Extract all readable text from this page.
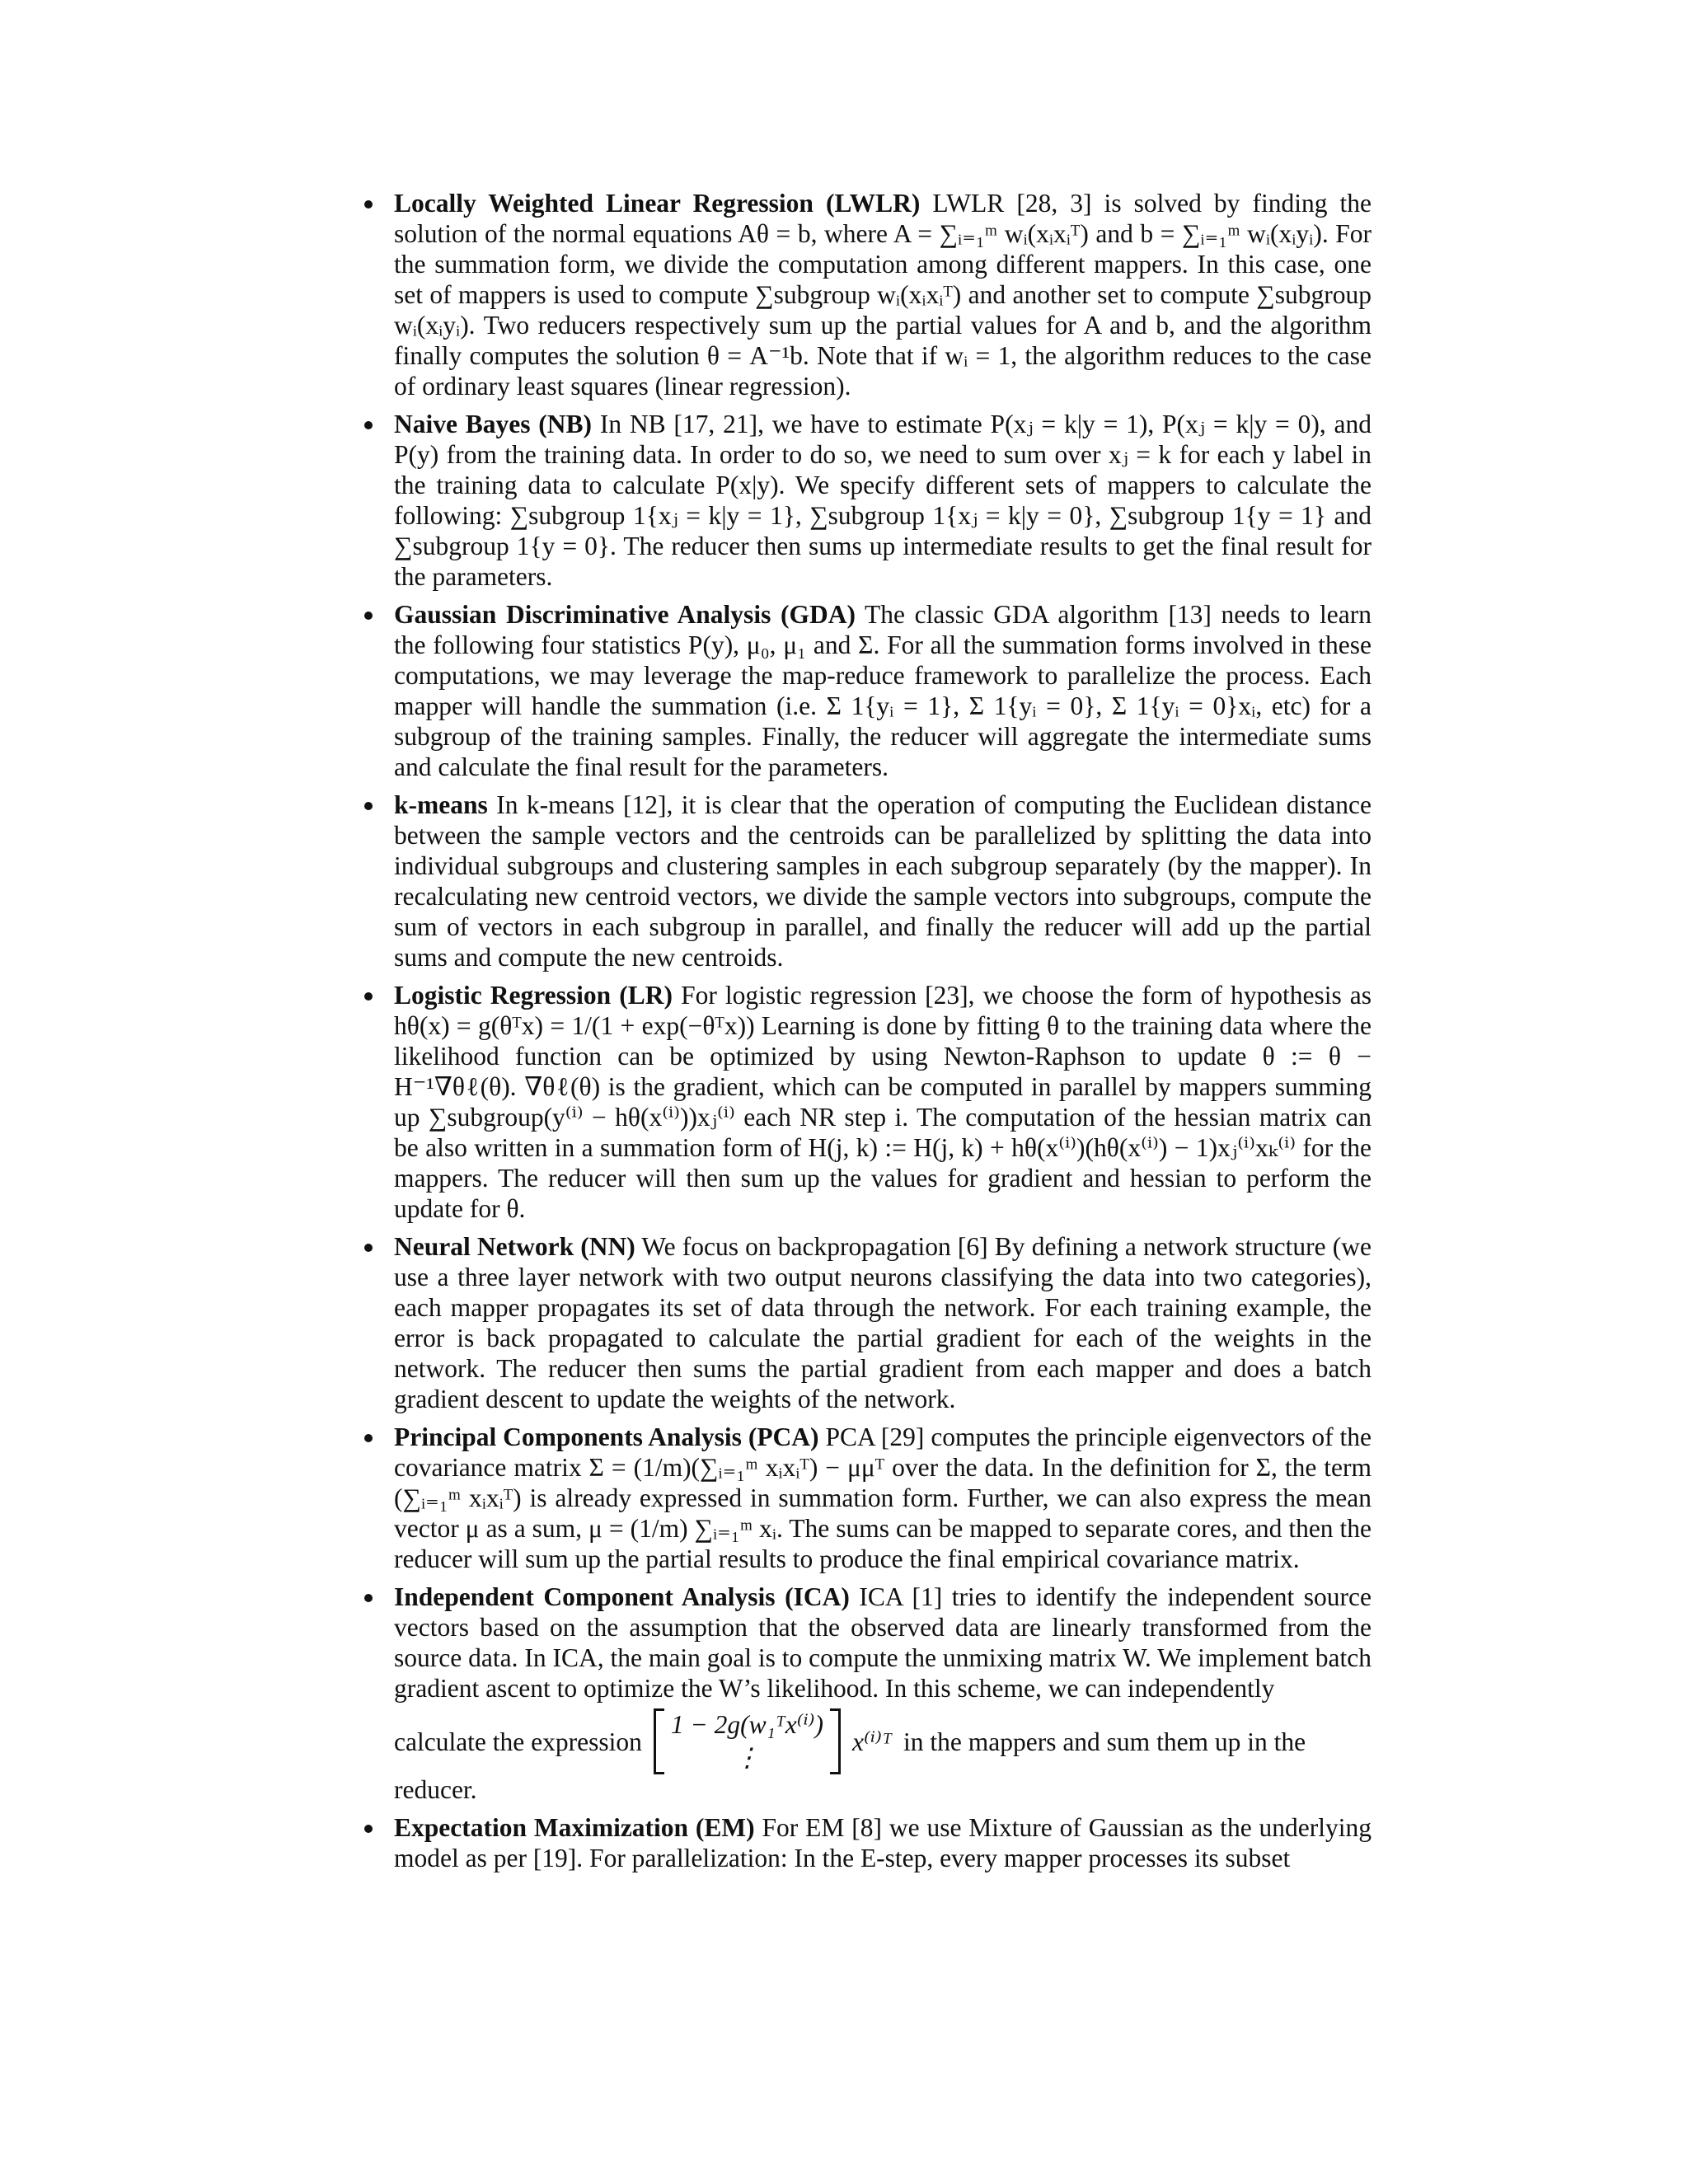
Locally Weighted Linear Regression (LWLR) LWLR [28, 3] is solved by finding the solution of the normal equations Aθ = b, where A = ∑ᵢ₌₁ᵐ wᵢ(xᵢxᵢᵀ) and b = ∑ᵢ₌₁ᵐ wᵢ(xᵢyᵢ). For the summation form, we divide the computation among different mappers. In this case, one set of mappers is used to compute ∑subgroup wᵢ(xᵢxᵢᵀ) and another set to compute ∑subgroup wᵢ(xᵢyᵢ). Two reducers respectively sum up the partial values for A and b, and the algorithm finally computes the solution θ = A⁻¹b. Note that if wᵢ = 1, the algorithm reduces to the case of ordinary least squares (linear regression).
Naive Bayes (NB) In NB [17, 21], we have to estimate P(xⱼ = k|y = 1), P(xⱼ = k|y = 0), and P(y) from the training data. In order to do so, we need to sum over xⱼ = k for each y label in the training data to calculate P(x|y). We specify different sets of mappers to calculate the following: ∑subgroup 1{xⱼ = k|y = 1}, ∑subgroup 1{xⱼ = k|y = 0}, ∑subgroup 1{y = 1} and ∑subgroup 1{y = 0}. The reducer then sums up intermediate results to get the final result for the parameters.
Gaussian Discriminative Analysis (GDA) The classic GDA algorithm [13] needs to learn the following four statistics P(y), μ₀, μ₁ and Σ. For all the summation forms involved in these computations, we may leverage the map-reduce framework to parallelize the process. Each mapper will handle the summation (i.e. Σ 1{yᵢ = 1}, Σ 1{yᵢ = 0}, Σ 1{yᵢ = 0}xᵢ, etc) for a subgroup of the training samples. Finally, the reducer will aggregate the intermediate sums and calculate the final result for the parameters.
k-means In k-means [12], it is clear that the operation of computing the Euclidean distance between the sample vectors and the centroids can be parallelized by splitting the data into individual subgroups and clustering samples in each subgroup separately (by the mapper). In recalculating new centroid vectors, we divide the sample vectors into subgroups, compute the sum of vectors in each subgroup in parallel, and finally the reducer will add up the partial sums and compute the new centroids.
Logistic Regression (LR) For logistic regression [23], we choose the form of hypothesis as hθ(x) = g(θᵀx) = 1/(1 + exp(−θᵀx)) Learning is done by fitting θ to the training data where the likelihood function can be optimized by using Newton-Raphson to update θ := θ − H⁻¹∇θℓ(θ). ∇θℓ(θ) is the gradient, which can be computed in parallel by mappers summing up ∑subgroup(y⁽ⁱ⁾ − hθ(x⁽ⁱ⁾))xⱼ⁽ⁱ⁾ each NR step i. The computation of the hessian matrix can be also written in a summation form of H(j, k) := H(j, k) + hθ(x⁽ⁱ⁾)(hθ(x⁽ⁱ⁾) − 1)xⱼ⁽ⁱ⁾xₖ⁽ⁱ⁾ for the mappers. The reducer will then sum up the values for gradient and hessian to perform the update for θ.
Neural Network (NN) We focus on backpropagation [6] By defining a network structure (we use a three layer network with two output neurons classifying the data into two categories), each mapper propagates its set of data through the network. For each training example, the error is back propagated to calculate the partial gradient for each of the weights in the network. The reducer then sums the partial gradient from each mapper and does a batch gradient descent to update the weights of the network.
Principal Components Analysis (PCA) PCA [29] computes the principle eigenvectors of the covariance matrix Σ = (1/m)(∑ᵢ₌₁ᵐ xᵢxᵢᵀ) − μμᵀ over the data. In the definition for Σ, the term (∑ᵢ₌₁ᵐ xᵢxᵢᵀ) is already expressed in summation form. Further, we can also express the mean vector μ as a sum, μ = (1/m) ∑ᵢ₌₁ᵐ xᵢ. The sums can be mapped to separate cores, and then the reducer will sum up the partial results to produce the final empirical covariance matrix.
Independent Component Analysis (ICA) ICA [1] tries to identify the independent source vectors based on the assumption that the observed data are linearly transformed from the source data. In ICA, the main goal is to compute the unmixing matrix W. We implement batch gradient ascent to optimize the W’s likelihood. In this scheme, we can independently
calculate the expression
1 − 2g(w₁ᵀx⁽ⁱ⁾)
⋮
x⁽ⁱ⁾ᵀ in the mappers and sum them up in the
reducer.
Expectation Maximization (EM) For EM [8] we use Mixture of Gaussian as the underlying model as per [19]. For parallelization: In the E-step, every mapper processes its subset
